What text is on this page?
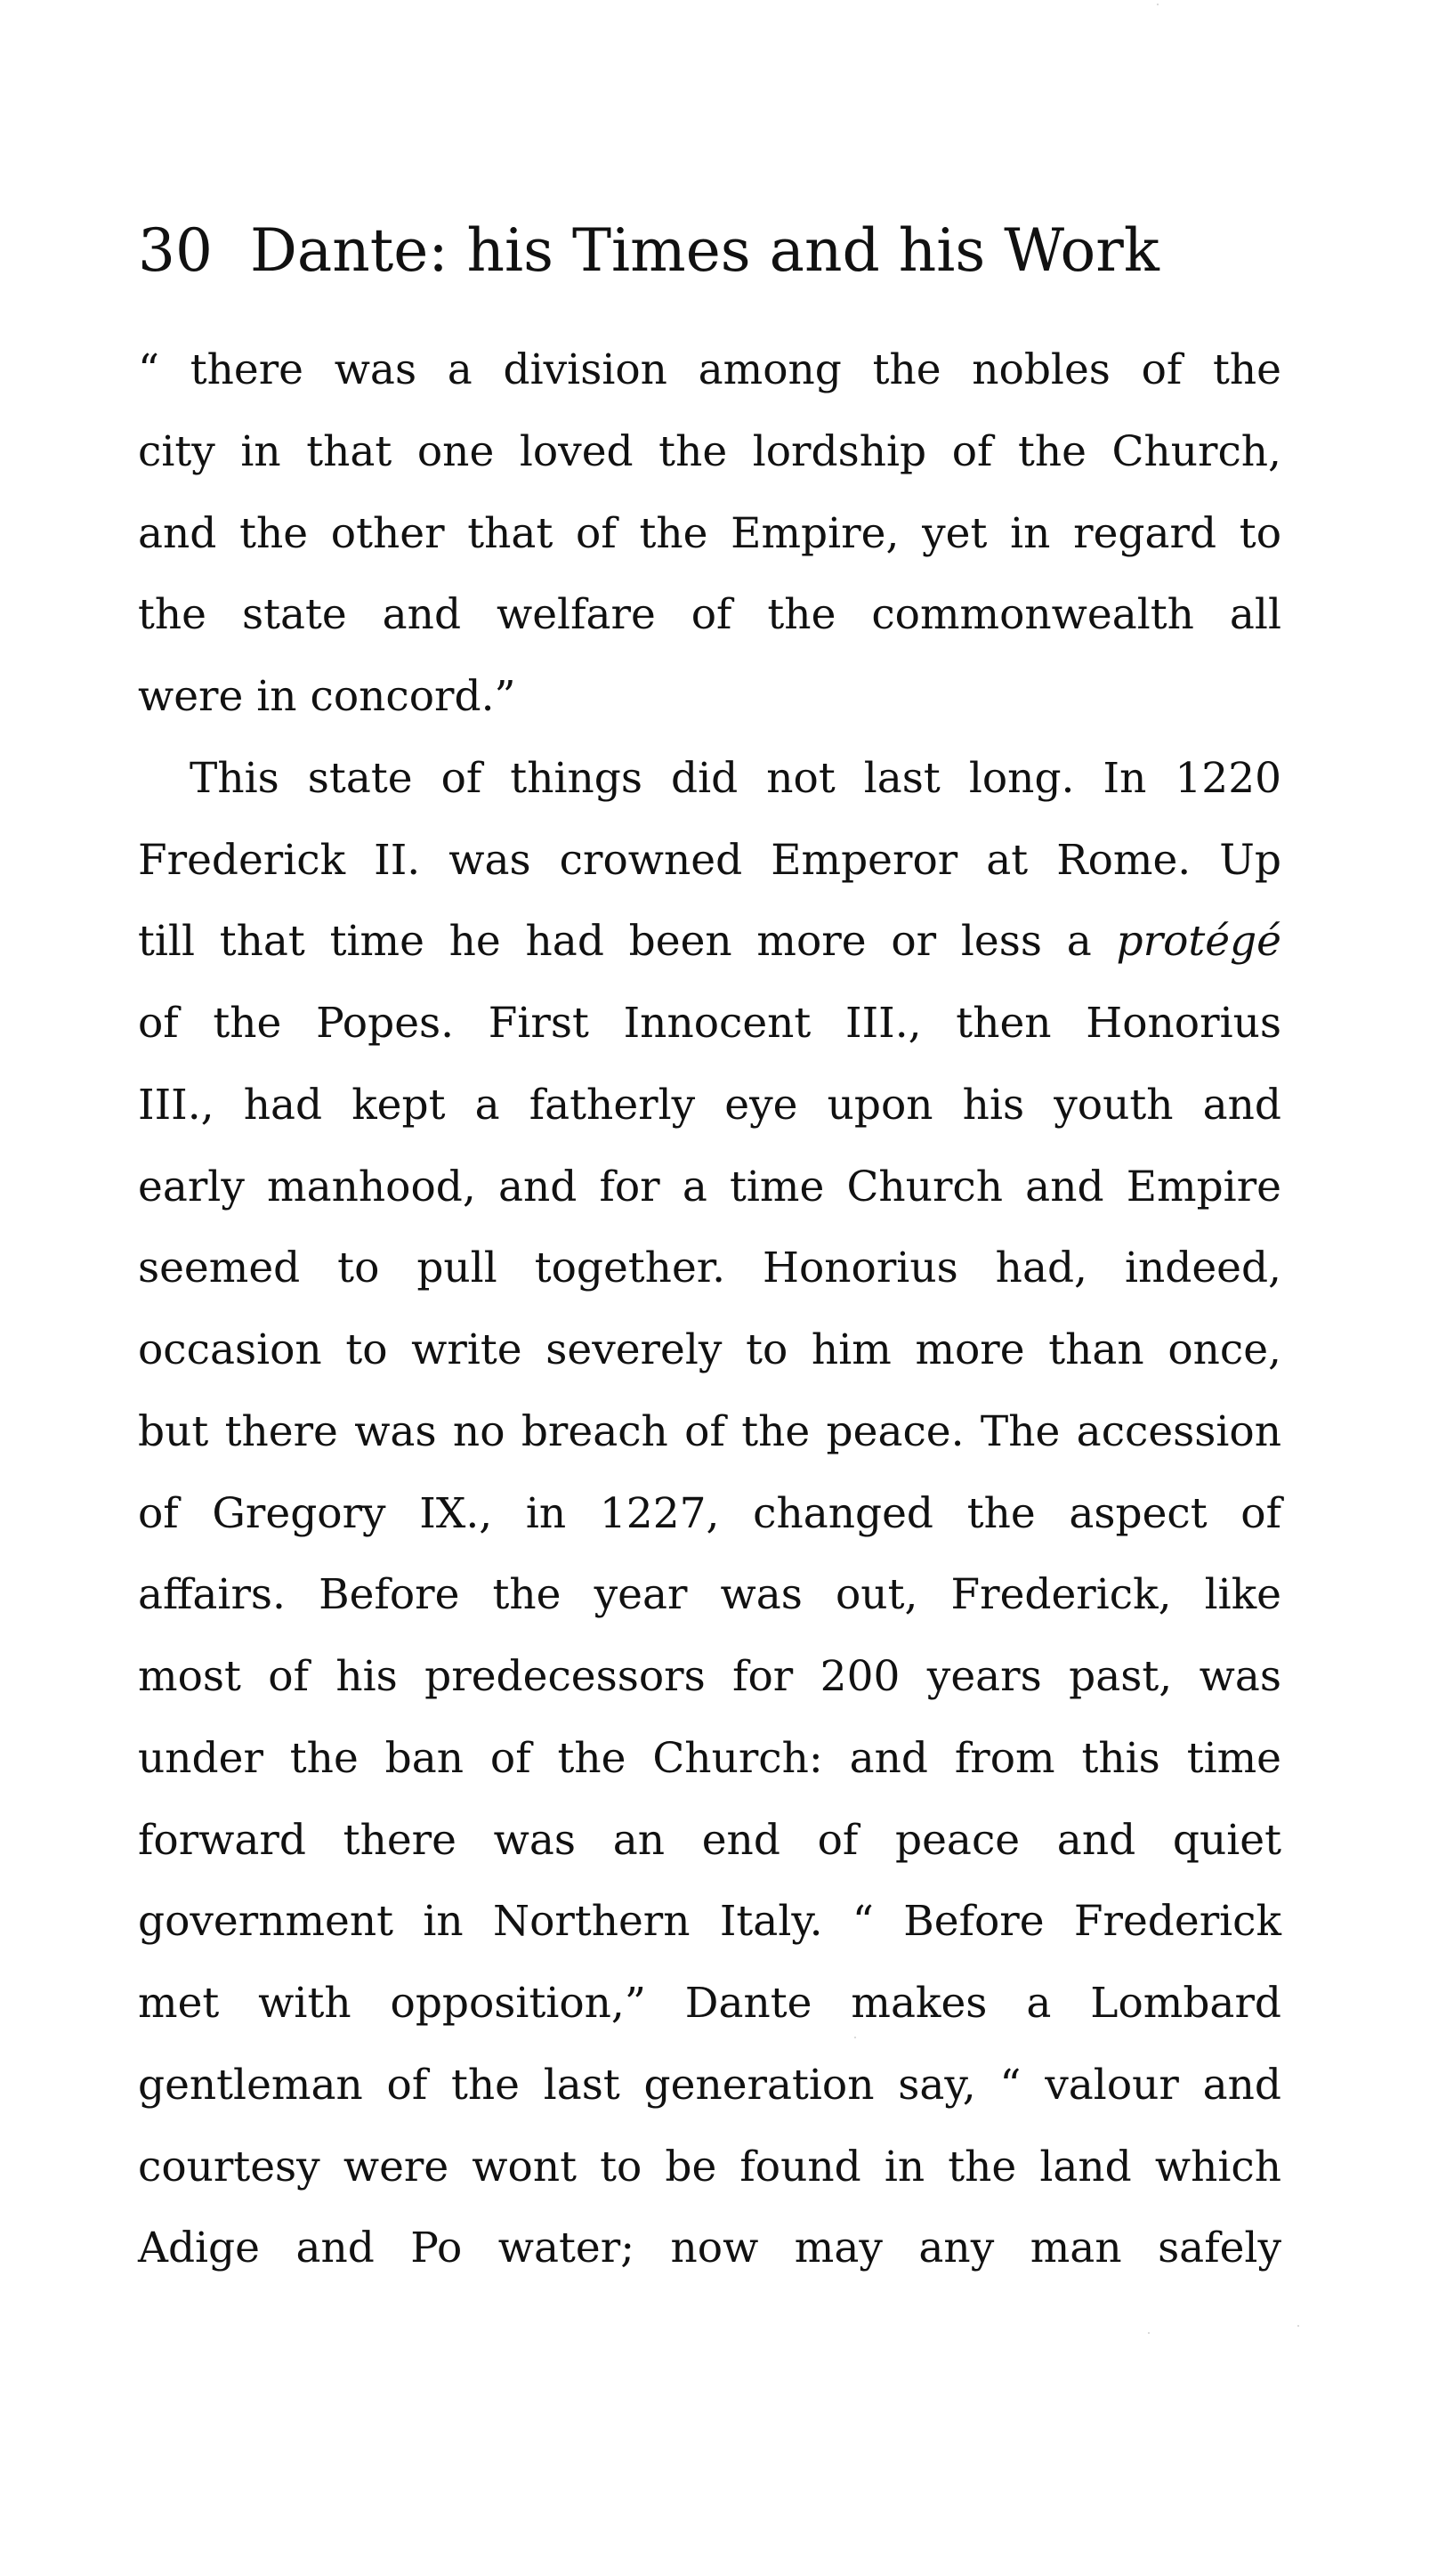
30 Dante: his Times and his Work
“ there was a division among the nobles of the
city in that one loved the lordship of the Church,
and the other that of the Empire, yet in regard to
the state and welfare of the commonwealth all
were in concord.”
This state of things did not last long. In 1220
Frederick II. was crowned Emperor at Rome. Up
till that time he had been more or less a protégé
of the Popes. First Innocent III., then Honorius
III., had kept a fatherly eye upon his youth and
early manhood, and for a time Church and Empire
seemed to pull together. Honorius had, indeed,
occasion to write severely to him more than once,
but there was no breach of the peace. The accession
of Gregory IX., in 1227, changed the aspect of
affairs. Before the year was out, Frederick, like
most of his predecessors for 200 years past, was
under the ban of the Church: and from this time
forward there was an end of peace and quiet
government in Northern Italy. “ Before Frederick
met with opposition,” Dante makes a Lombard
gentleman of the last generation say, “ valour and
courtesy were wont to be found in the land which
Adige and Po water; now may any man safely
